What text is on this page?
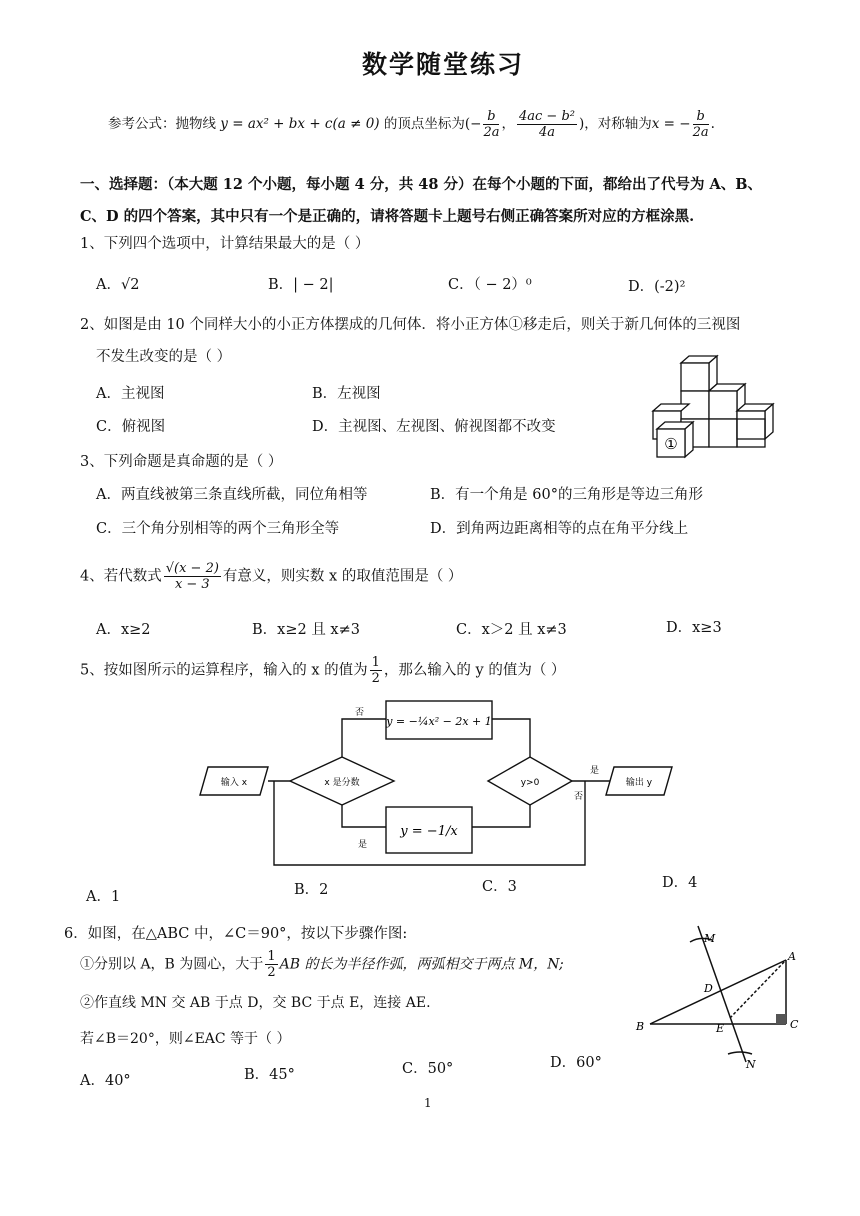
数学随堂练习
参考公式：抛物线 y = ax² + bx + c(a ≠ 0) 的顶点坐标为(− $\frac{b}{2a}$ ， $\frac{\text{4ac − b²}}{4a}$ )，对称轴为x = − $\frac{b}{2a}$ .
一、选择题：（本大题 12 个小题，每小题 4 分，共 48 分）在每个小题的下面，都给出了代号为 A、B、
C、D 的四个答案，其中只有一个是正确的，请将答题卡上题号右侧正确答案所对应的方框涂黑.
1、下列四个选项中，计算结果最大的是（ ）
A．√2	B．| − 2|	C．（ − 2）⁰	D．(-2)²
2、如图是由 10 个同样大小的小正方体摆成的几何体．将小正方体①移走后，则关于新几何体的三视图
不发生改变的是（ ）
A．主视图	B．左视图
C．俯视图	D．主视图、左视图、俯视图都不改变
①
3、下列命题是真命题的是（ ）
A．两直线被第三条直线所截，同位角相等	B．有一个角是 60°的三角形是等边三角形
C．三个角分别相等的两个三角形全等	D．到角两边距离相等的点在角平分线上
4、若代数式 $\frac{√(x - 2)}{x - 3}$ 有意义，则实数 x 的取值范围是（ ）
A．x≥2	B．x≥2 且 x≠3	C．x＞2 且 x≠3	D．x≥3
5、按如图所示的运算程序，输入的 x 的值为 $\frac{1}{2}$ ，那么输入的 y 的值为（ ）
输入 x	x 是分数
否
是
y = −¼x² − 2x + 1
y = −1/x
y>0
是
否
输出 y
A．1	B．2	C．3	D．4
6．如图，在△ABC 中，∠C＝90°，按以下步骤作图:
①分别以 A，B 为圆心，大于 $\frac{1}{2}$ AB 的长为半径作弧，两弧相交于两点 M，N;
②作直线 MN 交 AB 于点 D，交 BC 于点 E，连接 AE.
若∠B＝20°，则∠EAC 等于（ ）
A．40°	B．45°	C．50°	D．60°
M
N
A
B	C
D
E
1
